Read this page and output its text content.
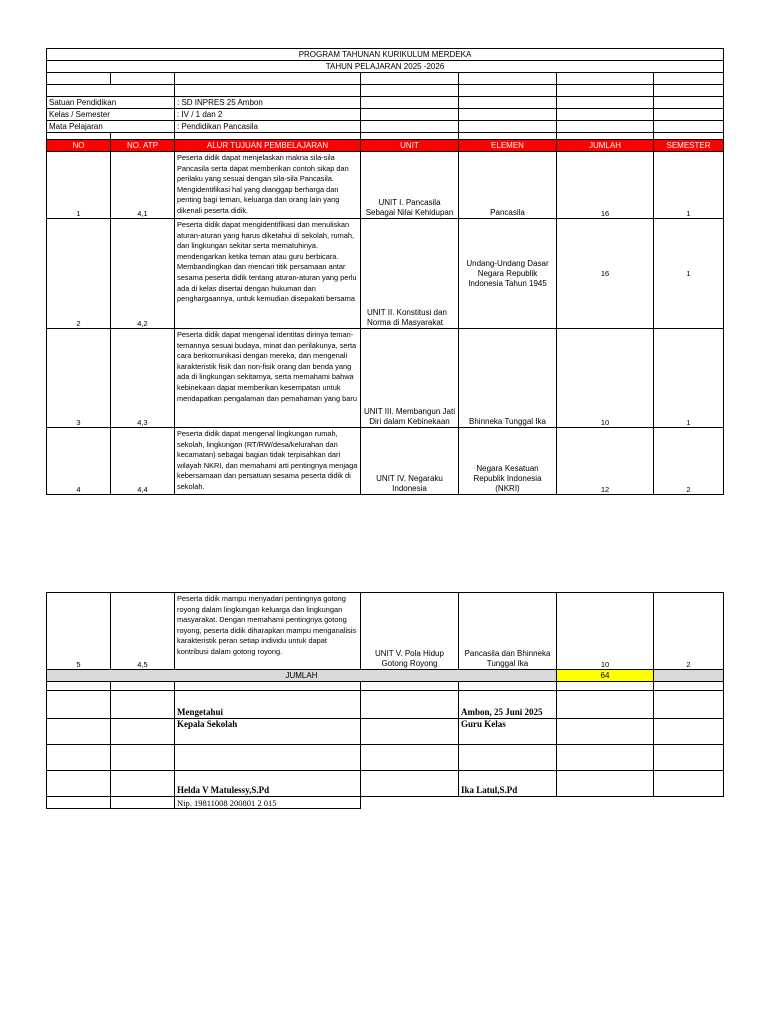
PROGRAM TAHUNAN KURIKULUM MERDEKA						
TAHUN PELAJARAN 2025 -2026						

Satuan Pendidikan		: SD INPRES 25 Ambon				
Kelas / Semester		: IV / 1 dan 2				
Mata Pelajaran		: Pendidikan Pancasila				

NO	NO. ATP	ALUR TUJUAN PEMBELAJARAN	UNIT	ELEMEN	JUMLAH	SEMESTER
1	4,1	Peserta didik dapat menjelaskan makna sila-sila Pancasila serta dapat memberikan contoh sikap dan perilaku yang sesuai dengan sila-sila Pancasila. Mengidentifikasi hal yang dianggap berharga dan penting bagi teman, keluarga dan orang lain yang dikenali peserta didik.	UNIT I. Pancasila Sebagai Nilai Kehidupan	Pancasila	16	1
2	4,2	Peserta didik dapat mengidentifikasi dan menuliskan aturan-aturan yang harus diketahui di sekolah, rumah, dan lingkungan sekitar serta mematuhinya. mendengarkan ketika teman atau guru berbicara. Membandingkan dan mencari titik persamaan antar sesama peserta didik tentang aturan-aturan yang perlu ada di kelas disertai dengan hukuman dan penghargaannya, untuk kemudian disepakati bersama	UNIT II. Konstitusi dan Norma di Masyarakat	Undang-Undang Dasar Negara Republik Indonesia Tahun 1945	16	1
3	4,3	Peserta didik dapat mengenal identitas dirinya teman-temannya sesuai budaya, minat dan perilakunya, serta cara berkomunikasi dengan mereka, dan mengenali karakteristik fisik dan non-fisik orang dan benda yang ada di lingkungan sekitarnya, serta memahami bahwa kebinekaan dapat memberikan kesempatan untuk mendapatkan pengalaman dan pemahaman yang baru	UNIT III. Membangun Jati Diri dalam Kebinekaan	Bhinneka Tunggal Ika	10	1
4	4,4	Peserta didik dapat mengenal lingkungan rumah, sekolah, lingkungan (RT/RW/desa/kelurahan dan kecamatan) sebagai bagian tidak terpisahkan dari wilayah NKRI, dan memahami arti pentingnya menjaga kebersamaan dan persatuan sesama peserta didik di sekolah.	UNIT IV. Negaraku Indonesia	Negara Kesatuan Republik Indonesia (NKRI)	12	2
5	4,5	Peserta didik mampu menyadari pentingnya gotong royong dalam lingkungan keluarga dan lingkungan masyarakat. Dengan memahami pentingnya gotong royong, peserta didik diharapkan mampu menganalisis karakteristik peran setiap individu untuk dapat kontribusi dalam gotong royong.	UNIT V. Pola Hidup Gotong Royong	Pancasila dan Bhinneka Tunggal Ika	10	2
JUMLAH					64	

		Mengetahui		Ambon, 25 Juni 2025		
		Kepala Sekolah		Guru Kelas		

		Helda V Matulessy,S.Pd		Ika Latul,S.Pd		
		Nip. 19811008 200801 2 015				
